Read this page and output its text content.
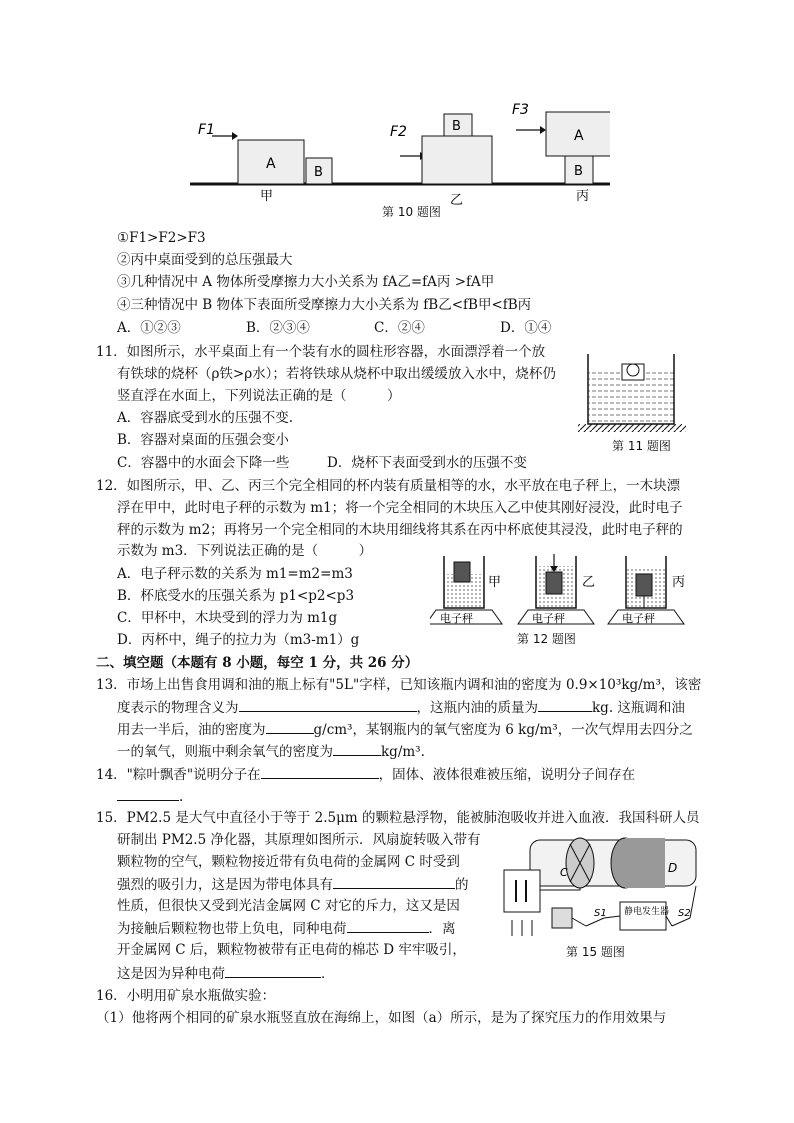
F1
A
B
甲
F2	B
乙
F3
A
B
丙
第 10 题图
①F1>F2>F3
②丙中桌面受到的总压强最大
③几种情况中 A 物体所受摩擦力大小关系为 fA乙=fA丙 >fA甲
④三种情况中 B 物体下表面所受摩擦力大小关系为 fB乙<fB甲<fB丙
A．①②③	B．②③④	C．②④	D．①④
11．如图所示，水平桌面上有一个装有水的圆柱形容器，水面漂浮着一个放
有铁球的烧杯（ρ铁>ρ水）；若将铁球从烧杯中取出缓缓放入水中，烧杯仍
竖直浮在水面上，下列说法正确的是（　　　）
A．容器底受到水的压强不变.
B．容器对桌面的压强会变小
C．容器中的水面会下降一些	D．烧杯下表面受到水的压强不变
第 11 题图
12．如图所示，甲、乙、丙三个完全相同的杯内装有质量相等的水，水平放在电子秤上，一木块漂
浮在甲中，此时电子秤的示数为 m1；将一个完全相同的木块压入乙中使其刚好浸没，此时电子
秤的示数为 m2；再将另一个完全相同的木块用细线将其系在丙中杯底使其浸没，此时电子秤的
示数为 m3．下列说法正确的是（　　　）
A．电子秤示数的关系为 m1=m2=m3
B．杯底受水的压强关系为 p1<p2<p3
C．甲杯中，木块受到的浮力为 m1g
D．丙杯中，绳子的拉力为（m3-m1）g
电子秤
甲
电子秤
乙
电子秤
丙
第 12 题图
二、填空题（本题有 8 小题，每空 1 分，共 26 分）
13．市场上出售食用调和油的瓶上标有"5L"字样，已知该瓶内调和油的密度为 0.9×10³kg/m³，该密
度表示的物理含义为	，这瓶内油的质量为	kg. 这瓶调和油
用去一半后，油的密度为	g/cm³，某钢瓶内的氧气密度为 6 kg/m³，一次气焊用去四分之
一的氧气，则瓶中剩余氧气的密度为	kg/m³.
14．"粽叶飘香"说明分子在	，固体、液体很难被压缩，说明分子间存在
.
15．PM2.5 是大气中直径小于等于 2.5μm 的颗粒悬浮物，能被肺泡吸收并进入血液．我国科研人员
研制出 PM2.5 净化器，其原理如图所示．风扇旋转吸入带有
颗粒物的空气，颗粒物接近带有负电荷的金属网 C 时受到
强烈的吸引力，这是因为带电体具有	的
性质，但很快又受到光洁金属网 C 对它的斥力，这又是因
为接触后颗粒物也带上负电，同种电荷	．离
开金属网 C 后，颗粒物被带有正电荷的棉芯 D 牢牢吸引，
这是因为异种电荷	．
C	D
S1 静电发生器 S2
第 15 题图
16．小明用矿泉水瓶做实验：
（1）他将两个相同的矿泉水瓶竖直放在海绵上，如图（a）所示，是为了探究压力的作用效果与
